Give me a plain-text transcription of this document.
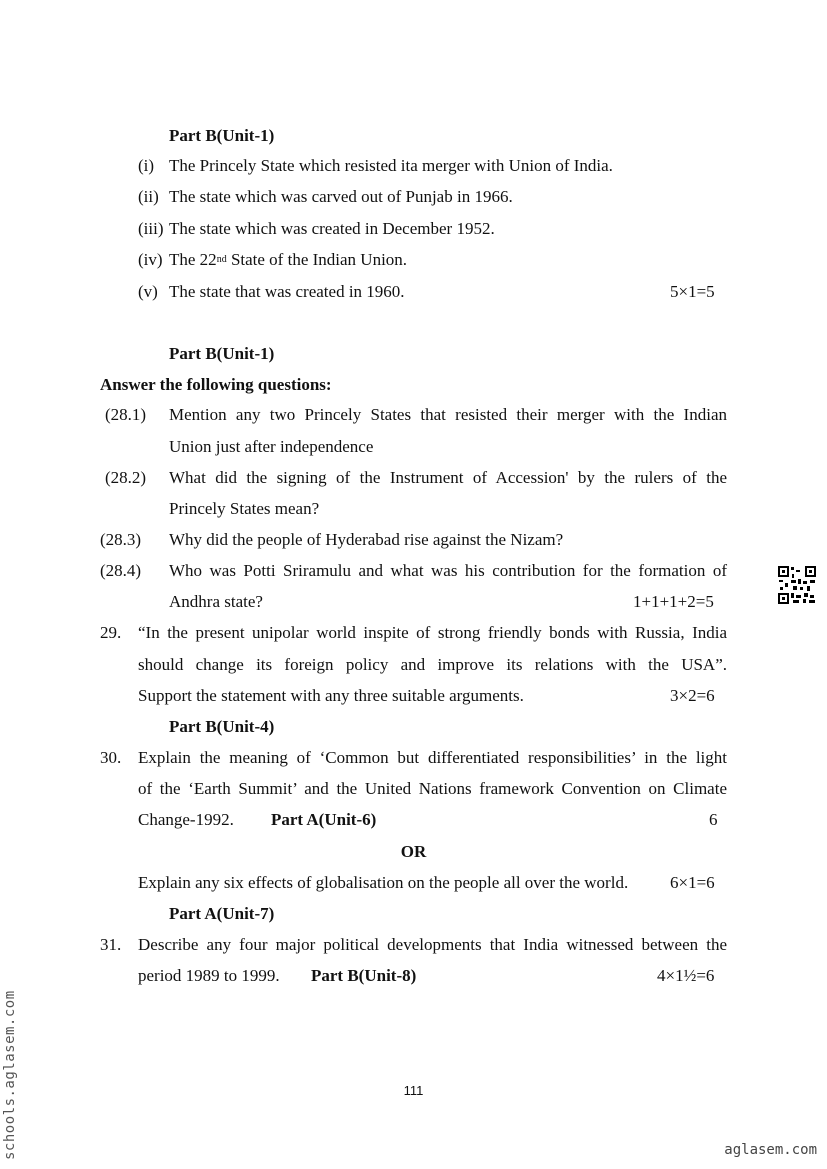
Part B(Unit-1)
(i) The Princely State which resisted ita merger with Union of India.
(ii) The state which was carved out of Punjab in 1966.
(iii) The state which was created in December 1952.
(iv) The 22nd State of the Indian Union.
(v) The state that was created in 1960.	5×1=5
Part B(Unit-1)
Answer the following questions:
(28.1) Mention any two Princely States that resisted their merger with the Indian
Union just after independence
(28.2) What did the signing of the Instrument of Accession' by the rulers of the
Princely States mean?
(28.3) Why did the people of Hyderabad rise against the Nizam?
(28.4) Who was Potti Sriramulu and what was his contribution for the formation of
Andhra state?	1+1+1+2=5
29. “In the present unipolar world inspite of strong friendly bonds with Russia, India
should change its foreign policy and improve its relations with the USA”.
Support the statement with any three suitable arguments.	3×2=6
Part B(Unit-4)
30. Explain the meaning of ‘Common but differentiated responsibilities’ in the light
of the ‘Earth Summit’ and the United Nations framework Convention on Climate
Change-1992. Part A(Unit-6)	6
OR
Explain any six effects of globalisation on the people all over the world. 6×1=6
Part A(Unit-7)
31. Describe any four major political developments that India witnessed between the
period 1989 to 1999. Part B(Unit-8)	4×1½=6
111
schools.aglasem.com	aglasem.com
